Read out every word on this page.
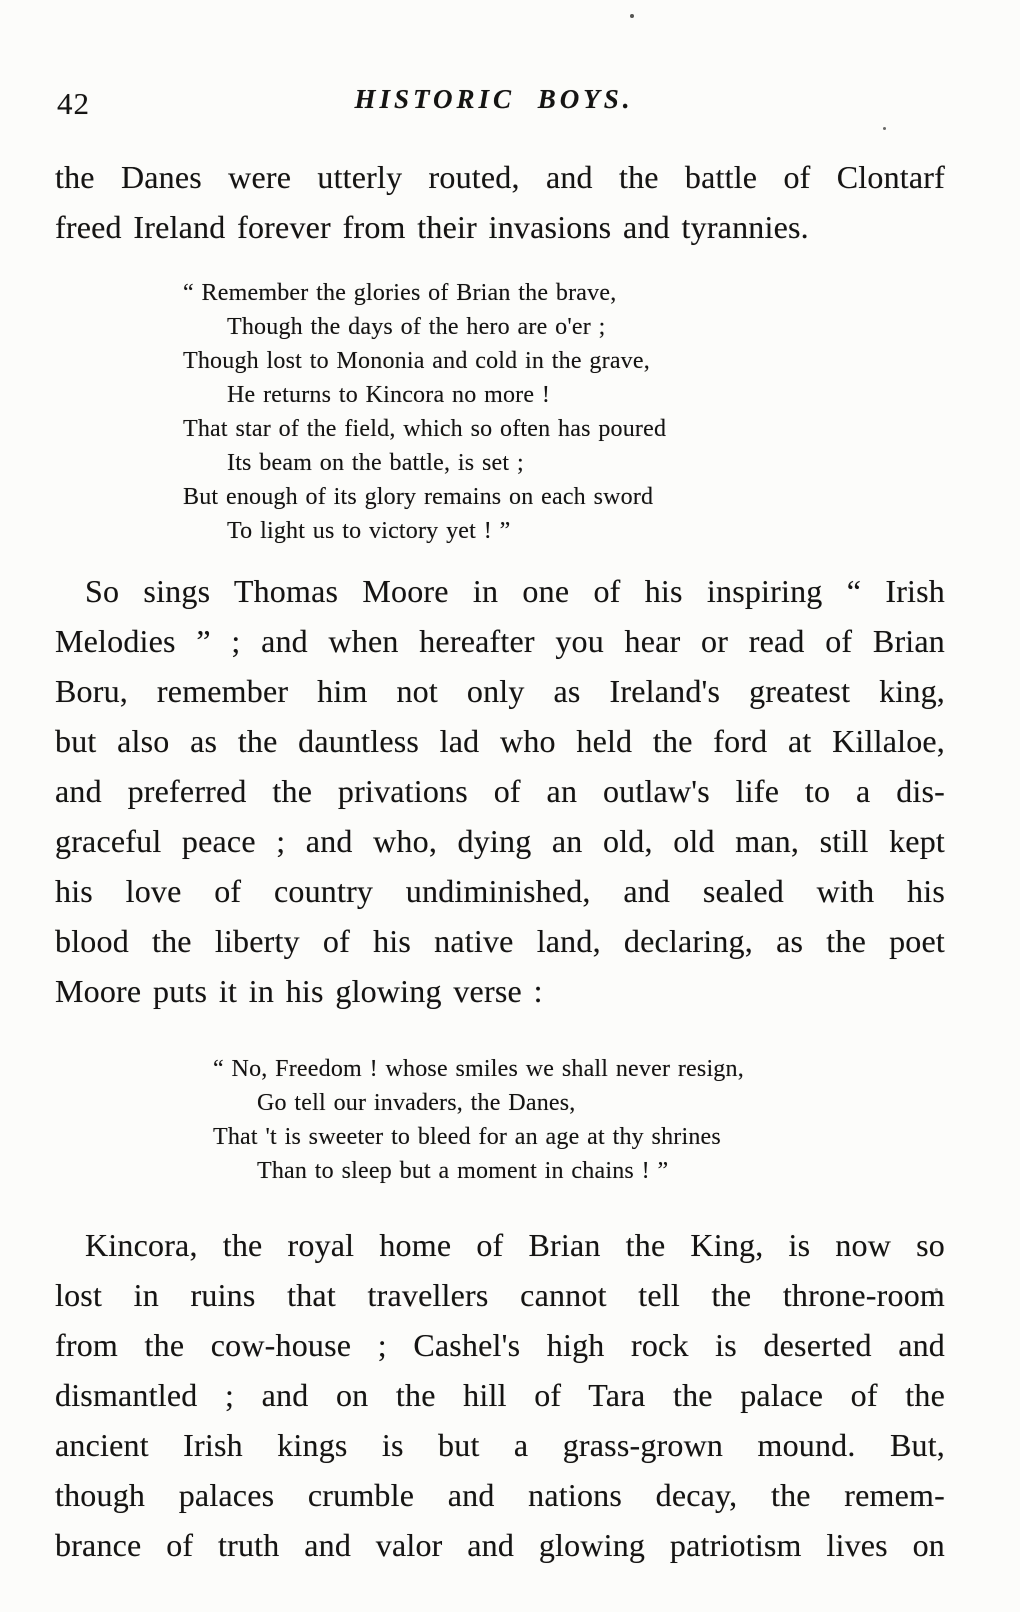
42	HISTORIC BOYS.
the Danes were utterly routed, and the battle of Clontarf
freed Ireland forever from their invasions and tyrannies.
“ Remember the glories of Brian the brave,
Though the days of the hero are o'er ;
Though lost to Mononia and cold in the grave,
He returns to Kincora no more !
That star of the field, which so often has poured
Its beam on the battle, is set ;
But enough of its glory remains on each sword
To light us to victory yet ! ”
So sings Thomas Moore in one of his inspiring “ Irish
Melodies ” ; and when hereafter you hear or read of Brian
Boru, remember him not only as Ireland's greatest king,
but also as the dauntless lad who held the ford at Killaloe,
and preferred the privations of an outlaw's life to a dis-
graceful peace ; and who, dying an old, old man, still kept
his love of country undiminished, and sealed with his
blood the liberty of his native land, declaring, as the poet
Moore puts it in his glowing verse :
“ No, Freedom ! whose smiles we shall never resign,
Go tell our invaders, the Danes,
That 't is sweeter to bleed for an age at thy shrines
Than to sleep but a moment in chains ! ”
Kincora, the royal home of Brian the King, is now so
lost in ruins that travellers cannot tell the throne-room
from the cow-house ; Cashel's high rock is deserted and
dismantled ; and on the hill of Tara the palace of the
ancient Irish kings is but a grass-grown mound. But,
though palaces crumble and nations decay, the remem-
brance of truth and valor and glowing patriotism lives on
